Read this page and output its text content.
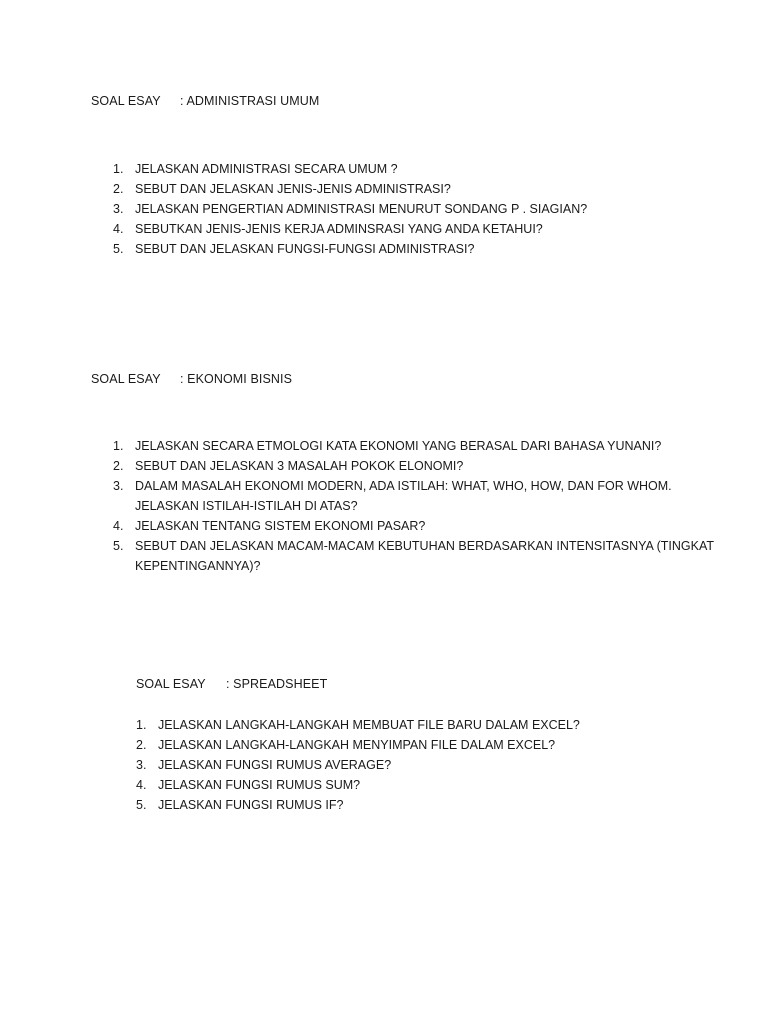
SOAL ESAY : ADMINISTRASI UMUM
1. JELASKAN ADMINISTRASI SECARA UMUM ?
2. SEBUT DAN JELASKAN JENIS-JENIS ADMINISTRASI?
3. JELASKAN PENGERTIAN ADMINISTRASI MENURUT SONDANG P . SIAGIAN?
4. SEBUTKAN JENIS-JENIS KERJA ADMINSRASI YANG ANDA KETAHUI?
5. SEBUT DAN JELASKAN FUNGSI-FUNGSI ADMINISTRASI?
SOAL ESAY : EKONOMI BISNIS
1. JELASKAN SECARA ETMOLOGI KATA EKONOMI YANG BERASAL DARI BAHASA YUNANI?
2. SEBUT DAN JELASKAN 3 MASALAH POKOK ELONOMI?
3. DALAM MASALAH EKONOMI MODERN, ADA ISTILAH: WHAT, WHO, HOW, DAN FOR WHOM.
JELASKAN ISTILAH-ISTILAH DI ATAS?
4. JELASKAN TENTANG SISTEM EKONOMI PASAR?
5. SEBUT DAN JELASKAN MACAM-MACAM KEBUTUHAN BERDASARKAN INTENSITASNYA (TINGKAT
KEPENTINGANNYA)?
SOAL ESAY : SPREADSHEET
1. JELASKAN LANGKAH-LANGKAH MEMBUAT FILE BARU DALAM EXCEL?
2. JELASKAN LANGKAH-LANGKAH MENYIMPAN FILE DALAM EXCEL?
3. JELASKAN FUNGSI RUMUS AVERAGE?
4. JELASKAN FUNGSI RUMUS SUM?
5. JELASKAN FUNGSI RUMUS IF?
